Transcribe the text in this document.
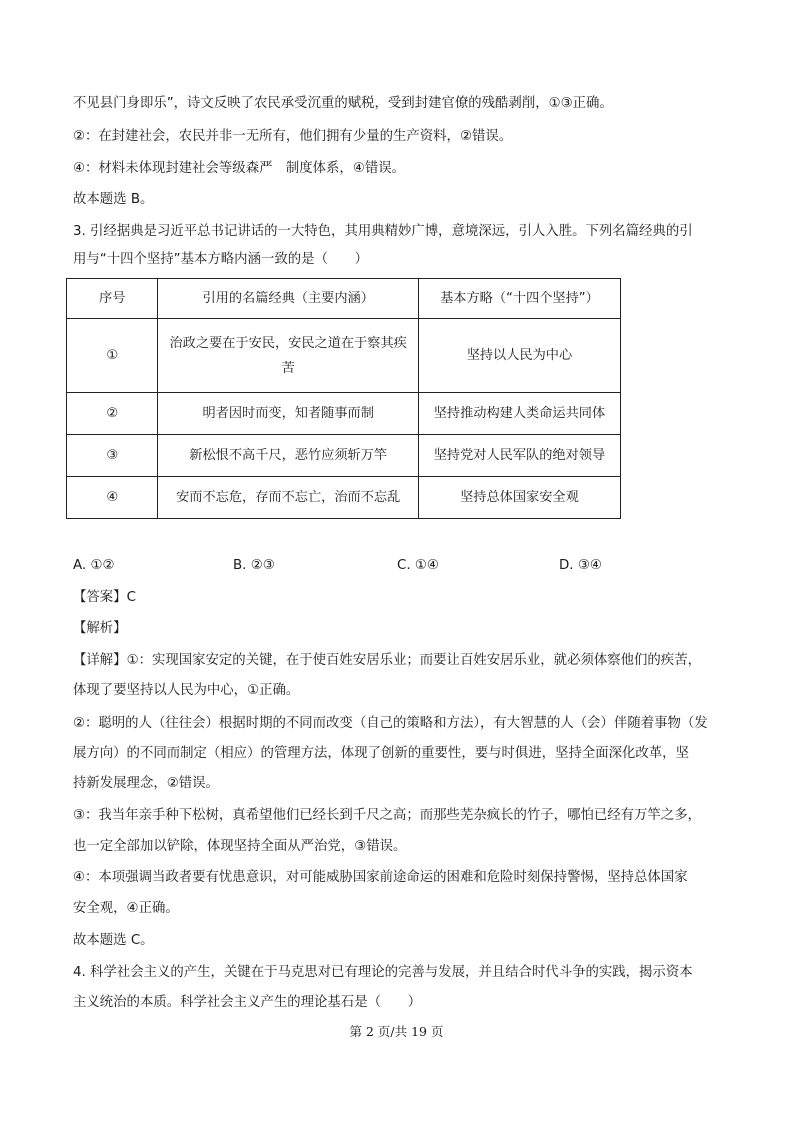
不见县门身即乐”，诗文反映了农民承受沉重的赋税，受到封建官僚的残酷剥削，①③正确。
②：在封建社会，农民并非一无所有，他们拥有少量的生产资料，②错误。
④：材料未体现封建社会等级森严　制度体系，④错误。
故本题选 B。
3. 引经据典是习近平总书记讲话的一大特色，其用典精妙广博，意境深远，引人入胜。下列名篇经典的引
用与“十四个坚持”基本方略内涵一致的是（　　）
序号	引用的名篇经典（主要内涵）	基本方略（“十四个坚持”）
①	治政之要在于安民，安民之道在于察其疾
苦	坚持以人民为中心
②	明者因时而变，知者随事而制	坚持推动构建人类命运共同体
③	新松恨不高千尺，恶竹应须斩万竿	坚持党对人民军队的绝对领导
④	安而不忘危，存而不忘亡，治而不忘乱	坚持总体国家安全观
A. ①②	B. ②③	C. ①④	D. ③④
【答案】C
【解析】
【详解】①：实现国家安定的关键，在于使百姓安居乐业；而要让百姓安居乐业，就必须体察他们的疾苦，
体现了要坚持以人民为中心，①正确。
②：聪明的人（往往会）根据时期的不同而改变（自己的策略和方法），有大智慧的人（会）伴随着事物（发
展方向）的不同而制定（相应）的管理方法，体现了创新的重要性，要与时俱进，坚持全面深化改革，坚
持新发展理念，②错误。
③：我当年亲手种下松树，真希望他们已经长到千尺之高；而那些芜杂疯长的竹子，哪怕已经有万竿之多，
也一定全部加以铲除，体现坚持全面从严治党，③错误。
④：本项强调当政者要有忧患意识，对可能威胁国家前途命运的困难和危险时刻保持警惕，坚持总体国家
安全观，④正确。
故本题选 C。
4. 科学社会主义的产生，关键在于马克思对已有理论的完善与发展，并且结合时代斗争的实践，揭示资本
主义统治的本质。科学社会主义产生的理论基石是（　　）
第 2 页/共 19 页
